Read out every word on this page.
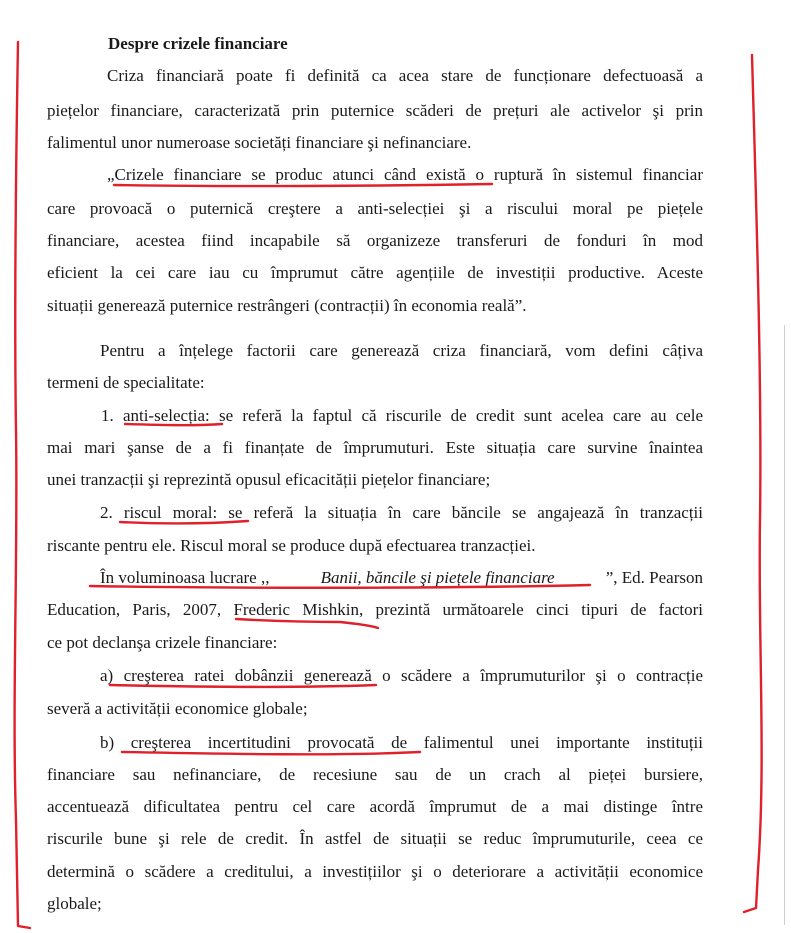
Despre crizele financiare

Criza financiară poate fi definită ca acea stare de funcționare defectuoasă a

piețelor financiare, caracterizată prin puternice scăderi de prețuri ale activelor şi prin

falimentul unor numeroase societăți financiare şi nefinanciare.

„Crizele financiare se produc atunci când există o ruptură în sistemul financiar

care provoacă o puternică creştere a anti-selecției şi a riscului moral pe piețele

financiare, acestea fiind incapabile să organizeze transferuri de fonduri în mod

eficient la cei care iau cu împrumut către agențiile de investiții productive. Aceste

situații generează puternice restrângeri (contracții) în economia reală”.

Pentru a înțelege factorii care generează criza financiară, vom defini câțiva

termeni de specialitate:

1. anti-selecția: se referă la faptul că riscurile de credit sunt acelea care au cele

mai mari şanse de a fi finanțate de împrumuturi. Este situația care survine înaintea

unei tranzacții şi reprezintă opusul eficacității piețelor financiare;

2. riscul moral: se referă la situația în care băncile se angajează în tranzacții

riscante pentru ele. Riscul moral se produce după efectuarea tranzacției.

În voluminoasa lucrare ,,	Banii, băncile şi piețele financiare	”, Ed. Pearson

Education, Paris, 2007, Frederic Mishkin, prezintă următoarele cinci tipuri de factori

ce pot declanşa crizele financiare:

a) creşterea ratei dobânzii generează o scădere a împrumuturilor şi o contracție

severă a activității economice globale;

b) creşterea incertitudini provocată de falimentul unei importante instituții

financiare sau nefinanciare, de recesiune sau de un crach al pieței bursiere,

accentuează dificultatea pentru cel care acordă împrumut de a mai distinge între

riscurile bune şi rele de credit. În astfel de situații se reduc împrumuturile, ceea ce

determină o scădere a creditului, a investițiilor şi o deteriorare a activității economice

globale;
